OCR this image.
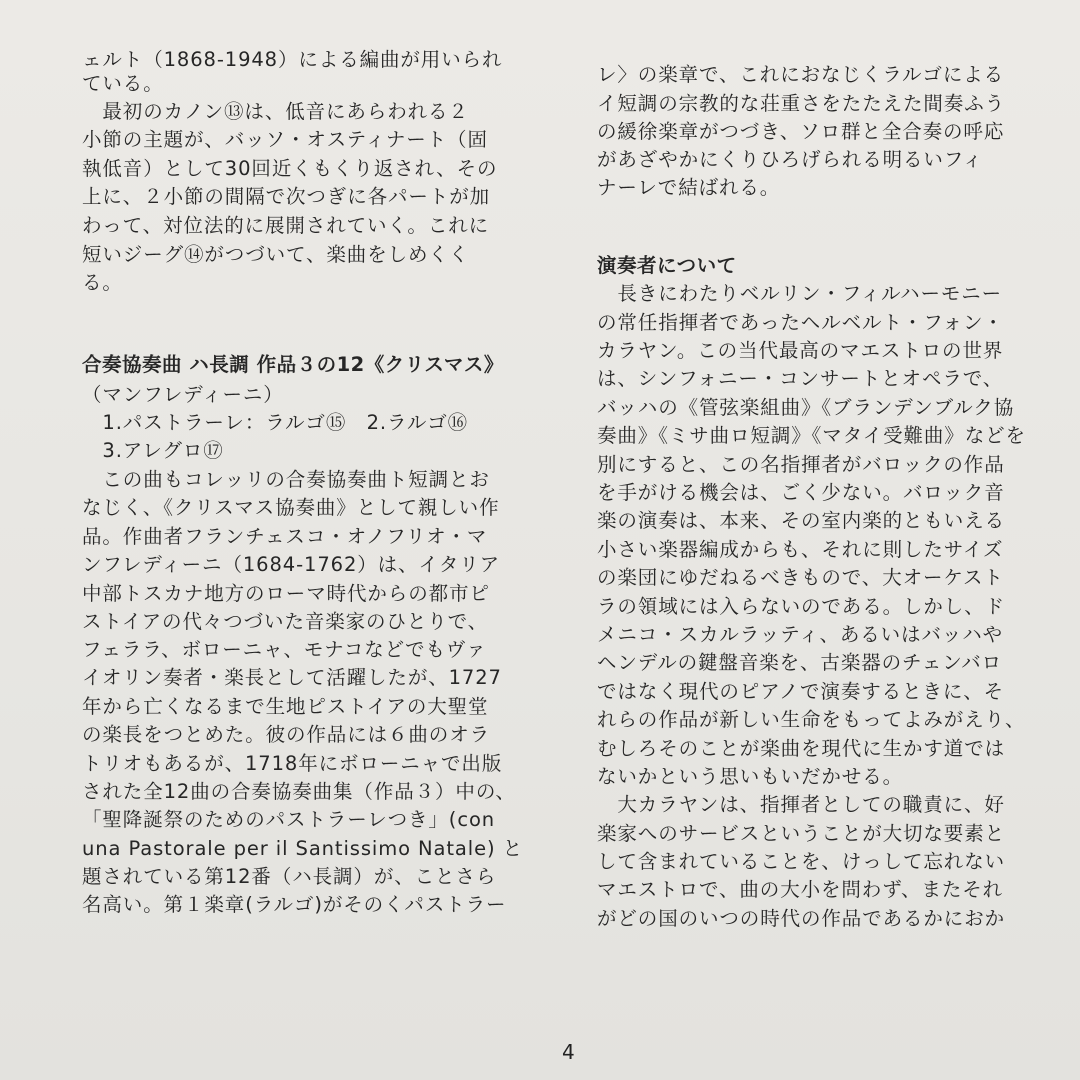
ェルト（1868-1948）による編曲が用いられ
ている。
　最初のカノン⑬は、低音にあらわれる２
小節の主題が、バッソ・オスティナート（固
執低音）として30回近くもくり返され、その
上に、２小節の間隔で次つぎに各パートが加
わって、対位法的に展開されていく。これに
短いジーグ⑭がつづいて、楽曲をしめくく
る。
合奏協奏曲 ハ長調 作品３の12《クリスマス》
（マンフレディーニ）
　1.パストラーレ：ラルゴ⑮　2.ラルゴ⑯
　3.アレグロ⑰
　この曲もコレッリの合奏協奏曲ト短調とお
なじく、《クリスマス協奏曲》として親しい作
品。作曲者フランチェスコ・オノフリオ・マ
ンフレディーニ（1684-1762）は、イタリア
中部トスカナ地方のローマ時代からの都市ピ
ストイアの代々つづいた音楽家のひとりで、
フェララ、ボローニャ、モナコなどでもヴァ
イオリン奏者・楽長として活躍したが、1727
年から亡くなるまで生地ピストイアの大聖堂
の楽長をつとめた。彼の作品には６曲のオラ
トリオもあるが、1718年にボローニャで出版
された全12曲の合奏協奏曲集（作品３）中の、
「聖降誕祭のためのパストラーレつき」(con
una Pastorale per il Santissimo Natale) と
題されている第12番（ハ長調）が、ことさら
名高い。第１楽章(ラルゴ)がそのくパストラー
レ〉の楽章で、これにおなじくラルゴによる
イ短調の宗教的な荘重さをたたえた間奏ふう
の緩徐楽章がつづき、ソロ群と全合奏の呼応
があざやかにくりひろげられる明るいフィ
ナーレで結ばれる。
演奏者について
　長きにわたりベルリン・フィルハーモニー
の常任指揮者であったヘルベルト・フォン・
カラヤン。この当代最高のマエストロの世界
は、シンフォニー・コンサートとオペラで、
バッハの《管弦楽組曲》《ブランデンブルク協
奏曲》《ミサ曲ロ短調》《マタイ受難曲》などを
別にすると、この名指揮者がバロックの作品
を手がける機会は、ごく少ない。バロック音
楽の演奏は、本来、その室内楽的ともいえる
小さい楽器編成からも、それに則したサイズ
の楽団にゆだねるべきもので、大オーケスト
ラの領域には入らないのである。しかし、ド
メニコ・スカルラッティ、あるいはバッハや
ヘンデルの鍵盤音楽を、古楽器のチェンバロ
ではなく現代のピアノで演奏するときに、そ
れらの作品が新しい生命をもってよみがえり、
むしろそのことが楽曲を現代に生かす道では
ないかという思いもいだかせる。
　大カラヤンは、指揮者としての職責に、好
楽家へのサービスということが大切な要素と
して含まれていることを、けっして忘れない
マエストロで、曲の大小を問わず、またそれ
がどの国のいつの時代の作品であるかにおか
4
